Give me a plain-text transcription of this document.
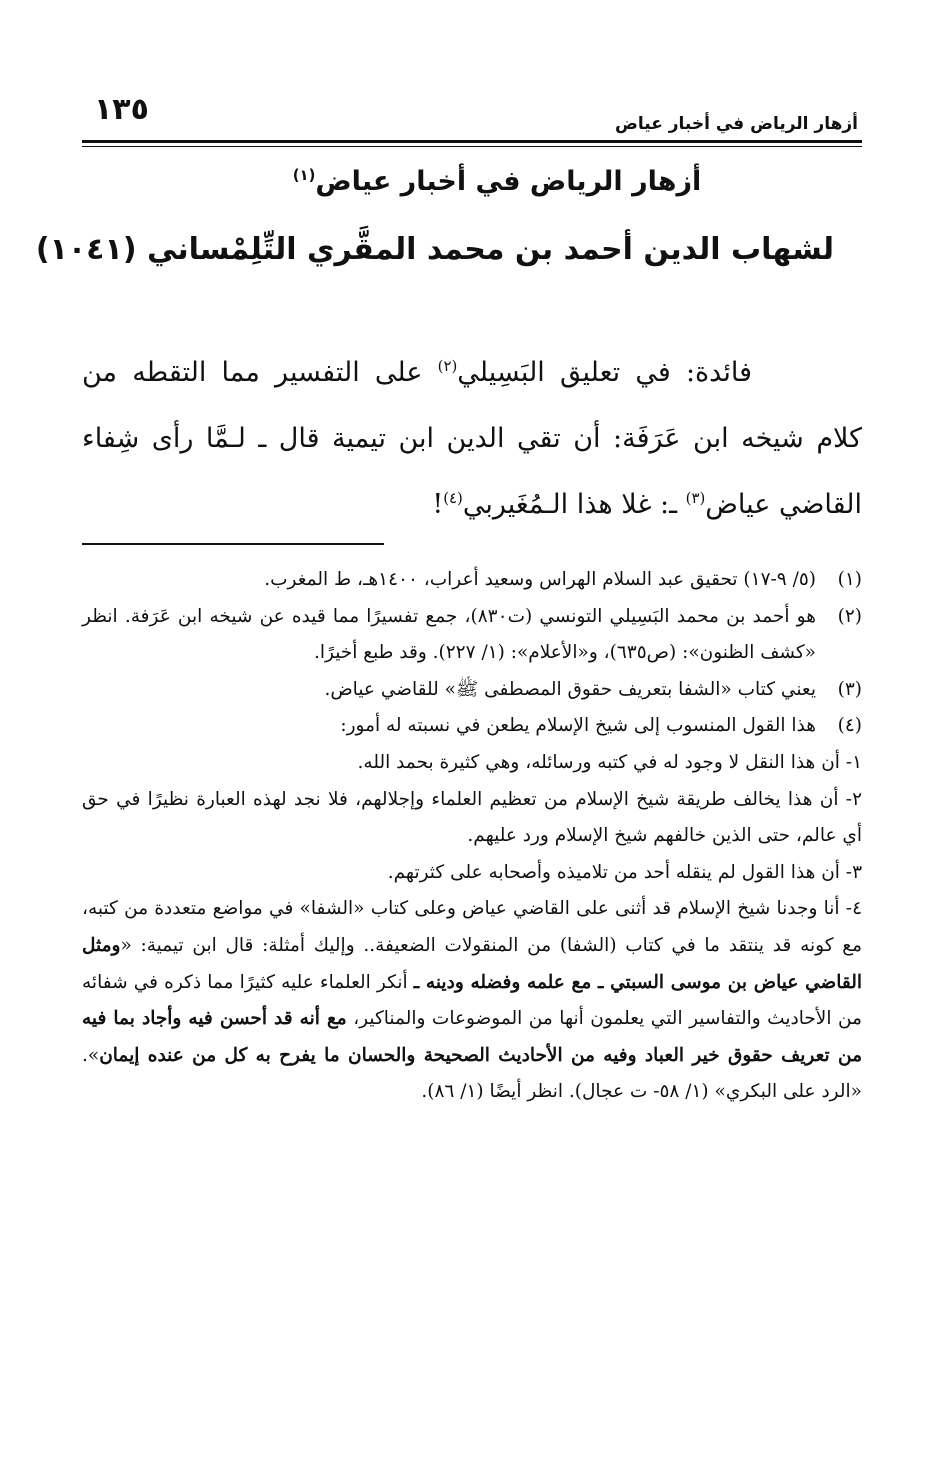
أزهار الرياض في أخبار عياض
١٣٥
أزهار الرياض في أخبار عياض$^{(١)}$
لشهاب الدين أحمد بن محمد المقَّري التِّلِمْساني (١٠٤١)

فائدة: في تعليق البَسِيلي$^{(٢)}$ على التفسير مما التقطه من كلام شيخه ابن عَرَفَة: أن تقي الدين ابن تيمية قال ـ لـمَّا رأى شِفاء القاضي عياض$^{(٣)}$ ـ: غلا هذا الـمُغَيربي$^{(٤)}$!

(١)
(٥/ ٩-١٧) تحقيق عبد السلام الهراس وسعيد أعراب، ١٤٠٠هـ، ط المغرب.

(٢)
هو أحمد بن محمد البَسِيلي التونسي (ت٨٣٠)، جمع تفسيرًا مما قيده عن شيخه ابن عَرَفة. انظر «كشف الظنون»: (ص٦٣٥)، و«الأعلام»: (١/ ٢٢٧). وقد طبع أخيرًا.

(٣)
يعني كتاب «الشفا بتعريف حقوق المصطفى ﷺ» للقاضي عياض.

(٤)
هذا القول المنسوب إلى شيخ الإسلام يطعن في نسبته له أمور:

١- أن هذا النقل لا وجود له في كتبه ورسائله، وهي كثيرة بحمد الله.

٢- أن هذا يخالف طريقة شيخ الإسلام من تعظيم العلماء وإجلالهم، فلا نجد لهذه العبارة نظيرًا في حق أي عالم، حتى الذين خالفهم شيخ الإسلام ورد عليهم.

٣- أن هذا القول لم ينقله أحد من تلاميذه وأصحابه على كثرتهم.

٤- أنا وجدنا شيخ الإسلام قد أثنى على القاضي عياض وعلى كتاب «الشفا» في مواضع متعددة من كتبه، مع كونه قد ينتقد ما في كتاب (الشفا) من المنقولات الضعيفة.. وإليك أمثلة: قال ابن تيمية: «ومثل القاضي عياض بن موسى السبتي ـ مع علمه وفضله ودينه ـ أنكر العلماء عليه كثيرًا مما ذكره في شفائه من الأحاديث والتفاسير التي يعلمون أنها من الموضوعات والمناكير، مع أنه قد أحسن فيه وأجاد بما فيه من تعريف حقوق خير العباد وفيه من الأحاديث الصحيحة والحسان ما يفرح به كل من عنده إيمان». «الرد على البكري» (١/ ٥٨- ت عجال). انظر أيضًا (١/ ٨٦).
